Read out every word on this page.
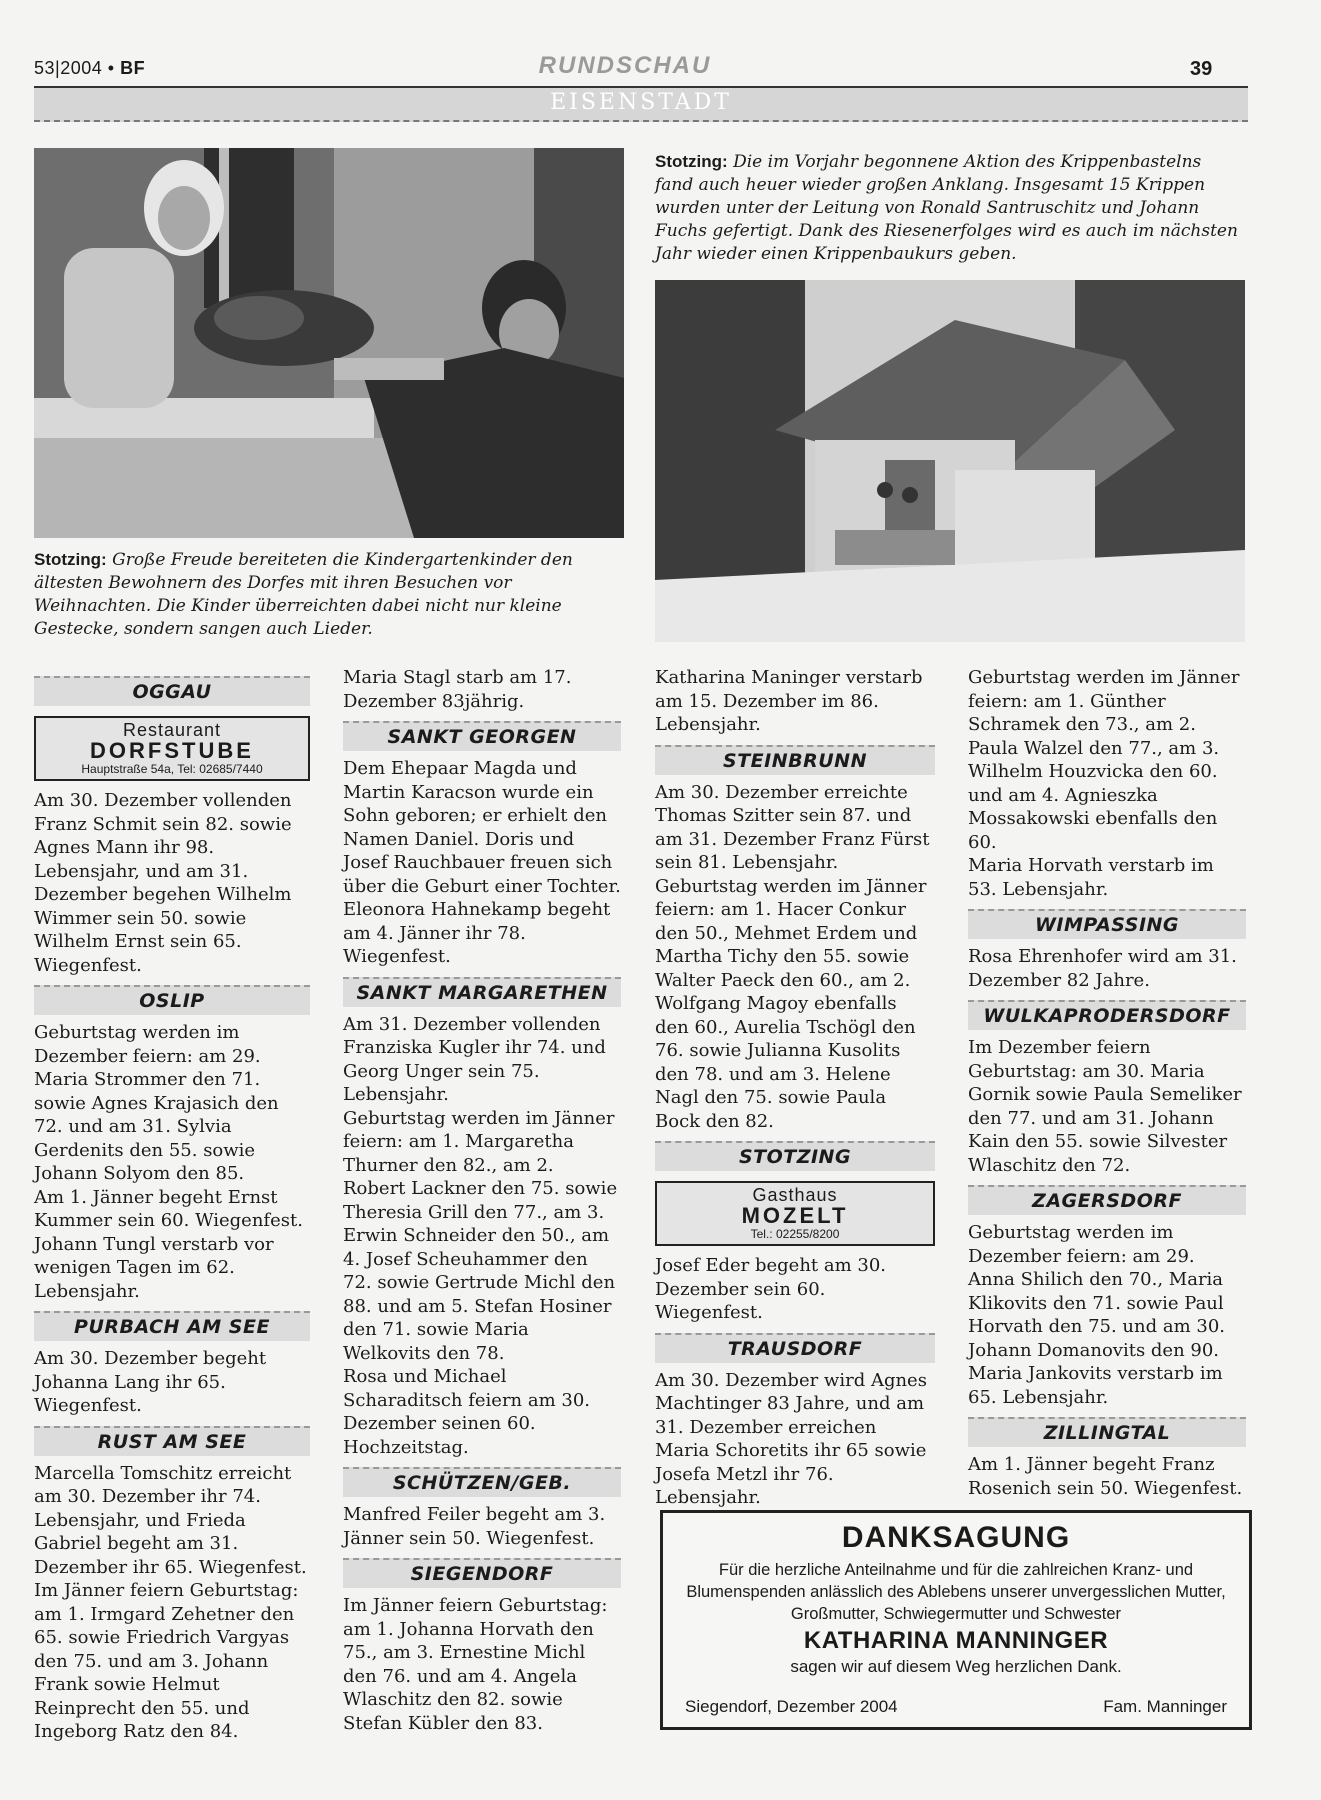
53|2004 • BF	RUNDSCHAU	39
EISENSTADT
Stotzing: Große Freude bereiteten die Kindergartenkinder den ältesten Bewohnern des Dorfes mit ihren Besuchen vor Weihnachten. Die Kinder überreichten dabei nicht nur kleine Gestecke, sondern sangen auch Lieder.
Stotzing: Die im Vorjahr begonnene Aktion des Krippenbastelns fand auch heuer wieder großen Anklang. Insgesamt 15 Krippen wurden unter der Leitung von Ronald Santruschitz und Johann Fuchs gefertigt. Dank des Riesenerfolges wird es auch im nächsten Jahr wieder einen Krippenbaukurs geben.
OGGAU
Restaurant
DORFSTUBE
Hauptstraße 54a, Tel: 02685/7440

Am 30. Dezember vollenden Franz Schmit sein 82. sowie Agnes Mann ihr 98. Lebensjahr, und am 31. Dezember begehen Wilhelm Wimmer sein 50. sowie Wilhelm Ernst sein 65. Wiegenfest.

OSLIP

Geburtstag werden im Dezember feiern: am 29. Maria Strommer den 71. sowie Agnes Krajasich den 72. und am 31. Sylvia Gerdenits den 55. sowie Johann Solyom den 85.

Am 1. Jänner begeht Ernst Kummer sein 60. Wiegenfest.

Johann Tungl verstarb vor wenigen Tagen im 62. Lebensjahr.

PURBACH AM SEE

Am 30. Dezember begeht Johanna Lang ihr 65. Wiegenfest.

RUST AM SEE

Marcella Tomschitz erreicht am 30. Dezember ihr 74. Lebensjahr, und Frieda Gabriel begeht am 31. Dezember ihr 65. Wiegenfest.

Im Jänner feiern Geburtstag: am 1. Irmgard Zehetner den 65. sowie Friedrich Vargyas den 75. und am 3. Johann Frank sowie Helmut Reinprecht den 55. und Ingeborg Ratz den 84.

Maria Stagl starb am 17. Dezember 83jährig.

SANKT GEORGEN

Dem Ehepaar Magda und Martin Karacson wurde ein Sohn geboren; er erhielt den Namen Daniel. Doris und Josef Rauchbauer freuen sich über die Geburt einer Tochter.

Eleonora Hahnekamp begeht am 4. Jänner ihr 78. Wiegenfest.

SANKT MARGARETHEN

Am 31. Dezember vollenden Franziska Kugler ihr 74. und Georg Unger sein 75. Lebensjahr.

Geburtstag werden im Jänner feiern: am 1. Margaretha Thurner den 82., am 2. Robert Lackner den 75. sowie Theresia Grill den 77., am 3. Erwin Schneider den 50., am 4. Josef Scheuhammer den 72. sowie Gertrude Michl den 88. und am 5. Stefan Hosiner den 71. sowie Maria Welkovits den 78.

Rosa und Michael Scharaditsch feiern am 30. Dezember seinen 60. Hochzeitstag.

SCHÜTZEN/GEB.

Manfred Feiler begeht am 3. Jänner sein 50. Wiegenfest.

SIEGENDORF

Im Jänner feiern Geburtstag: am 1. Johanna Horvath den 75., am 3. Ernestine Michl den 76. und am 4. Angela Wlaschitz den 82. sowie Stefan Kübler den 83.

Katharina Maninger verstarb am 15. Dezember im 86. Lebensjahr.

STEINBRUNN

Am 30. Dezember erreichte Thomas Szitter sein 87. und am 31. Dezember Franz Fürst sein 81. Lebensjahr.

Geburtstag werden im Jänner feiern: am 1. Hacer Conkur den 50., Mehmet Erdem und Martha Tichy den 55. sowie Walter Paeck den 60., am 2. Wolfgang Magoy ebenfalls den 60., Aurelia Tschögl den 76. sowie Julianna Kusolits den 78. und am 3. Helene Nagl den 75. sowie Paula Bock den 82.

STOTZING
Gasthaus
MOZELT
Tel.: 02255/8200

Josef Eder begeht am 30. Dezember sein 60. Wiegenfest.

TRAUSDORF

Am 30. Dezember wird Agnes Machtinger 83 Jahre, und am 31. Dezember erreichen Maria Schoretits ihr 65 sowie Josefa Metzl ihr 76. Lebensjahr.

Geburtstag werden im Jänner feiern: am 1. Günther Schramek den 73., am 2. Paula Walzel den 77., am 3. Wilhelm Houzvicka den 60. und am 4. Agnieszka Mossakowski ebenfalls den 60.

Maria Horvath verstarb im 53. Lebensjahr.

WIMPASSING

Rosa Ehrenhofer wird am 31. Dezember 82 Jahre.

WULKAPRODERSDORF

Im Dezember feiern Geburtstag: am 30. Maria Gornik sowie Paula Semeliker den 77. und am 31. Johann Kain den 55. sowie Silvester Wlaschitz den 72.

ZAGERSDORF

Geburtstag werden im Dezember feiern: am 29. Anna Shilich den 70., Maria Klikovits den 71. sowie Paul Horvath den 75. und am 30. Johann Domanovits den 90.

Maria Jankovits verstarb im 65. Lebensjahr.

ZILLINGTAL

Am 1. Jänner begeht Franz Rosenich sein 50. Wiegenfest.

DANKSAGUNG
Für die herzliche Anteilnahme und für die zahlreichen Kranz- und Blumenspenden anlässlich des Ablebens unserer unvergesslichen Mutter, Großmutter, Schwiegermutter und Schwester
KATHARINA MANNINGER
sagen wir auf diesem Weg herzlichen Dank.
Siegendorf, Dezember 2004	Fam. Manninger
